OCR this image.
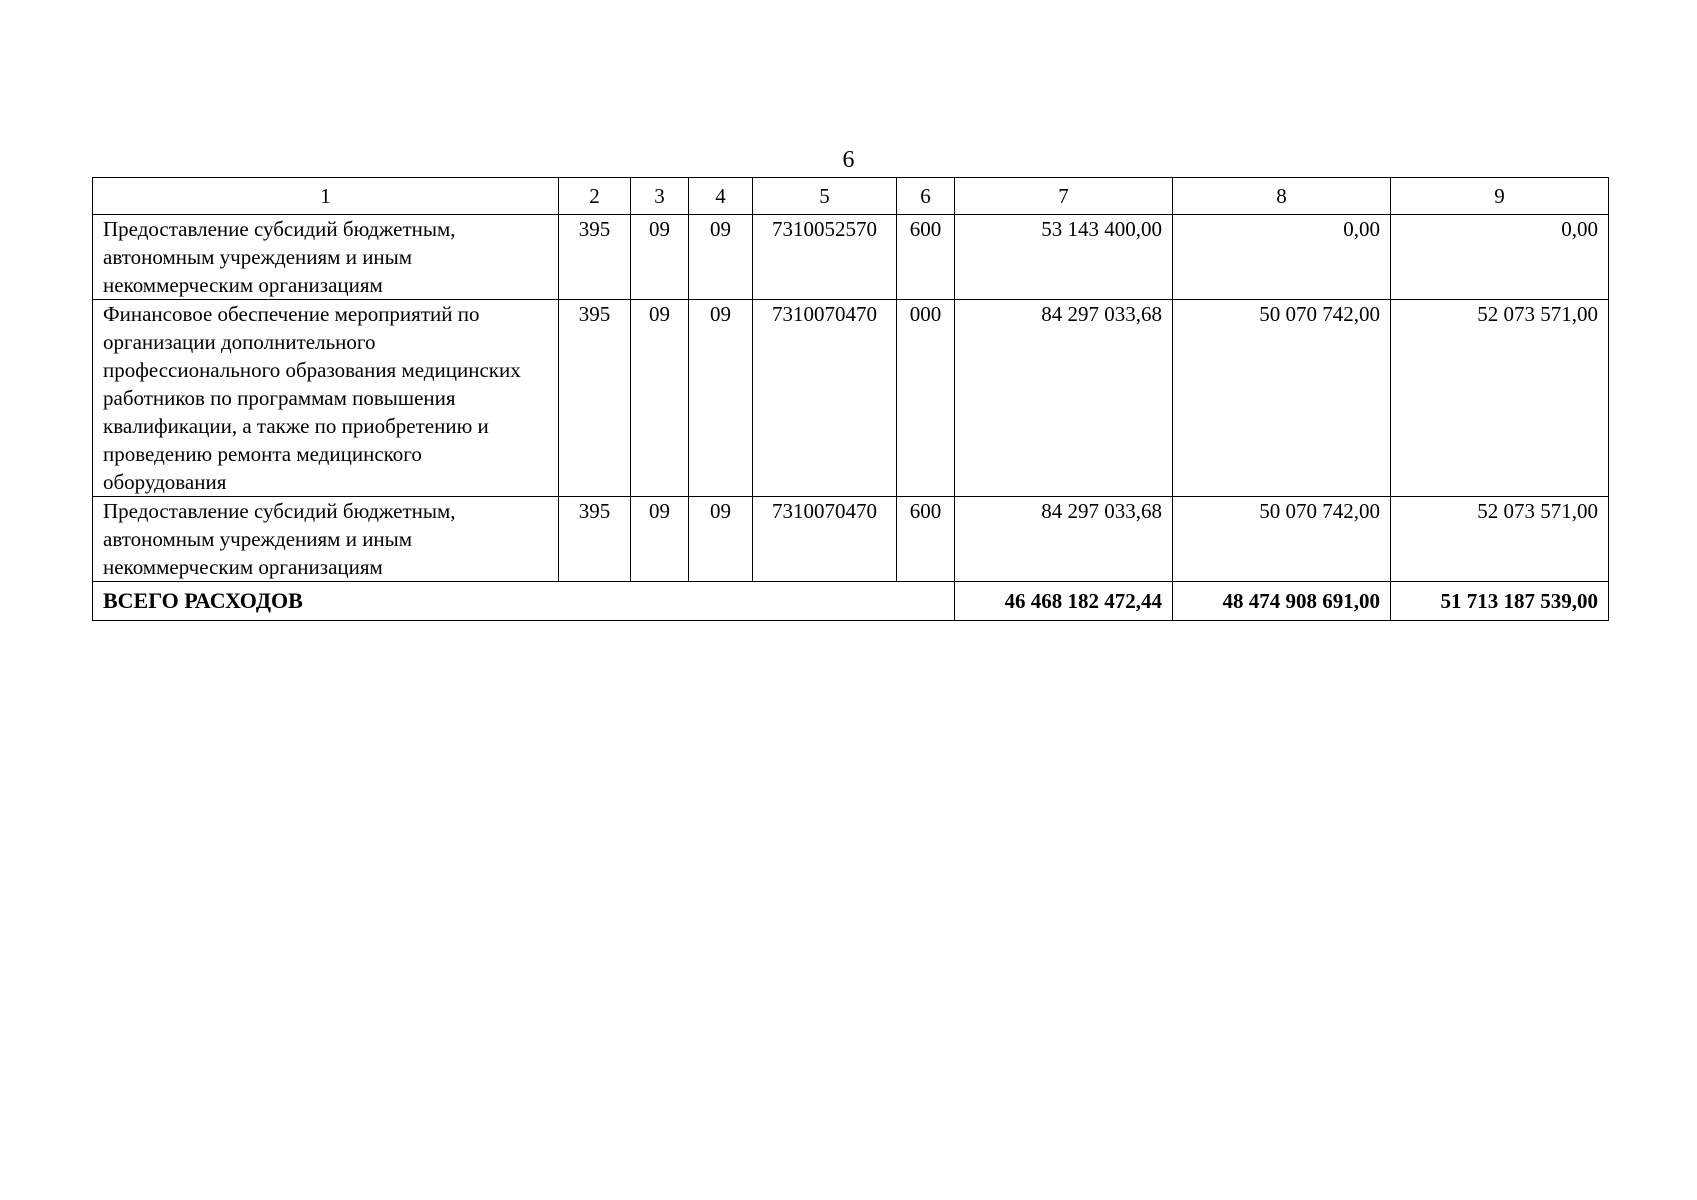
6
1	2	3	4	5	6	7	8	9
Предоставление субсидий бюджетным, автономным учреждениям и иным некоммерческим организациям	395	09	09	7310052570	600	53 143 400,00	0,00	0,00
Финансовое обеспечение мероприятий по организации дополнительного профессионального образования медицинских работников по программам повышения квалификации, а также по приобретению и проведению ремонта медицинского оборудования	395	09	09	7310070470	000	84 297 033,68	50 070 742,00	52 073 571,00
Предоставление субсидий бюджетным, автономным учреждениям и иным некоммерческим организациям	395	09	09	7310070470	600	84 297 033,68	50 070 742,00	52 073 571,00
ВСЕГО РАСХОДОВ						46 468 182 472,44	48 474 908 691,00	51 713 187 539,00
